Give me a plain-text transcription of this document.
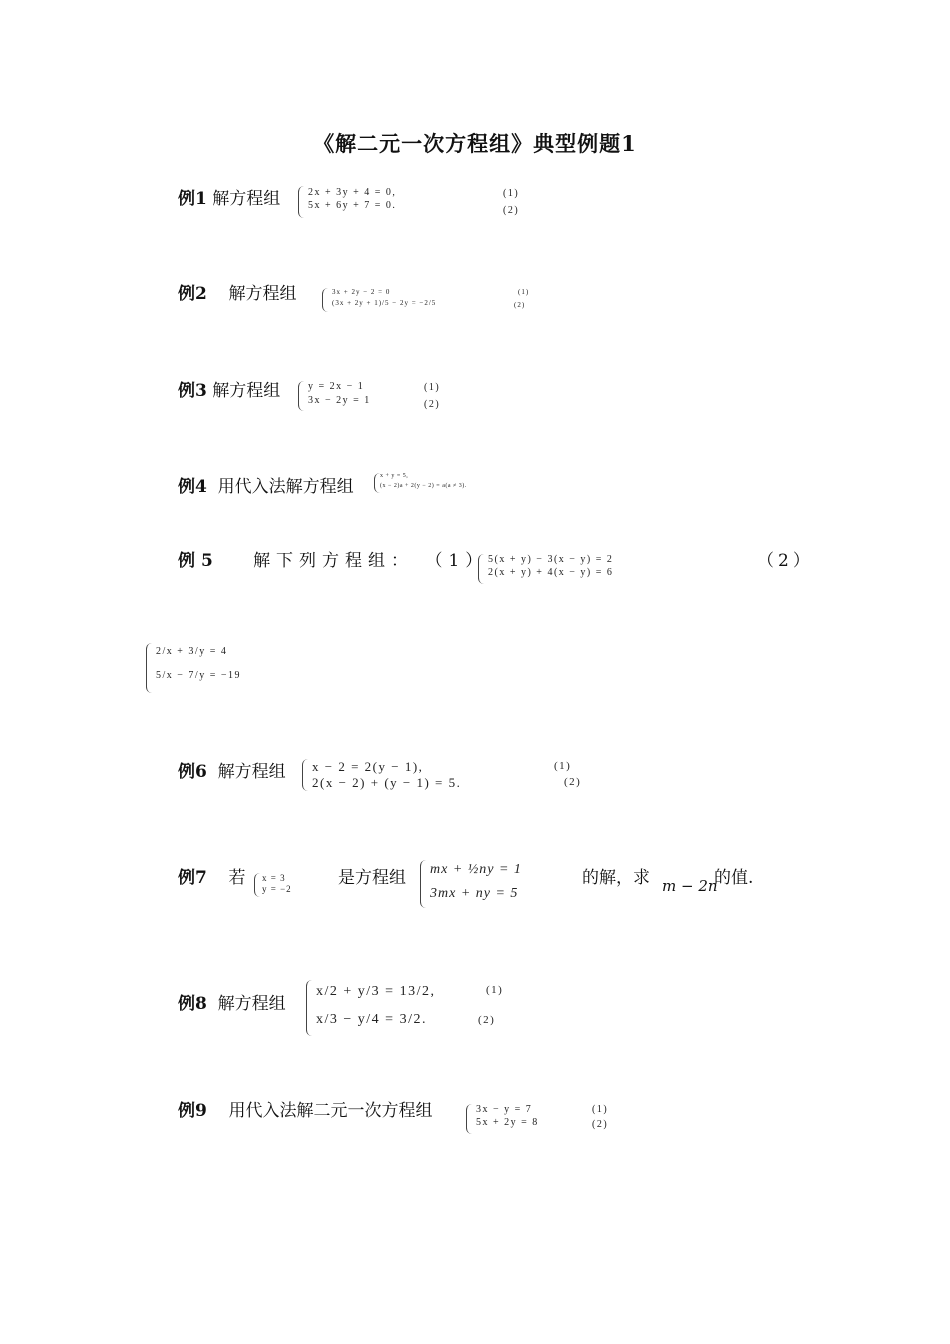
《解二元一次方程组》典型例题1
例1 解方程组	2x + 3y + 4 = 0,
5x + 6y + 7 = 0.
(1)
(2)
例2 解方程组	3x + 2y − 2 = 0
(3x + 2y + 1)/5 − 2y = −2/5
(1)
(2)
例3 解方程组	y = 2x − 1
3x − 2y = 1
(1)
(2)
例4 用代入法解方程组
x + y = 5,
(x − 2)a + 2(y − 2) = a(a ≠ 3).
例5 解下列方程组： （1）	（2）
5(x + y) − 3(x − y) = 2
2(x + y) + 4(x − y) = 6
2/x + 3/y = 4
5/x − 7/y = −19
例6 解方程组 x − 2 = 2(y − 1),
2(x − 2) + (y − 1) = 5.
(1)
(2)
例7 若 x = 3
y = −2
是方程组 mx + ½ny = 1
3mx + ny = 5
的解，求 m − 2n
的值.
例8 解方程组
x/2 + y/3 = 13/2,
x/3 − y/4 = 3/2.
(1)
(2)
例9 用代入法解二元一次方程组	3x − y = 7
5x + 2y = 8
(1)
(2)
